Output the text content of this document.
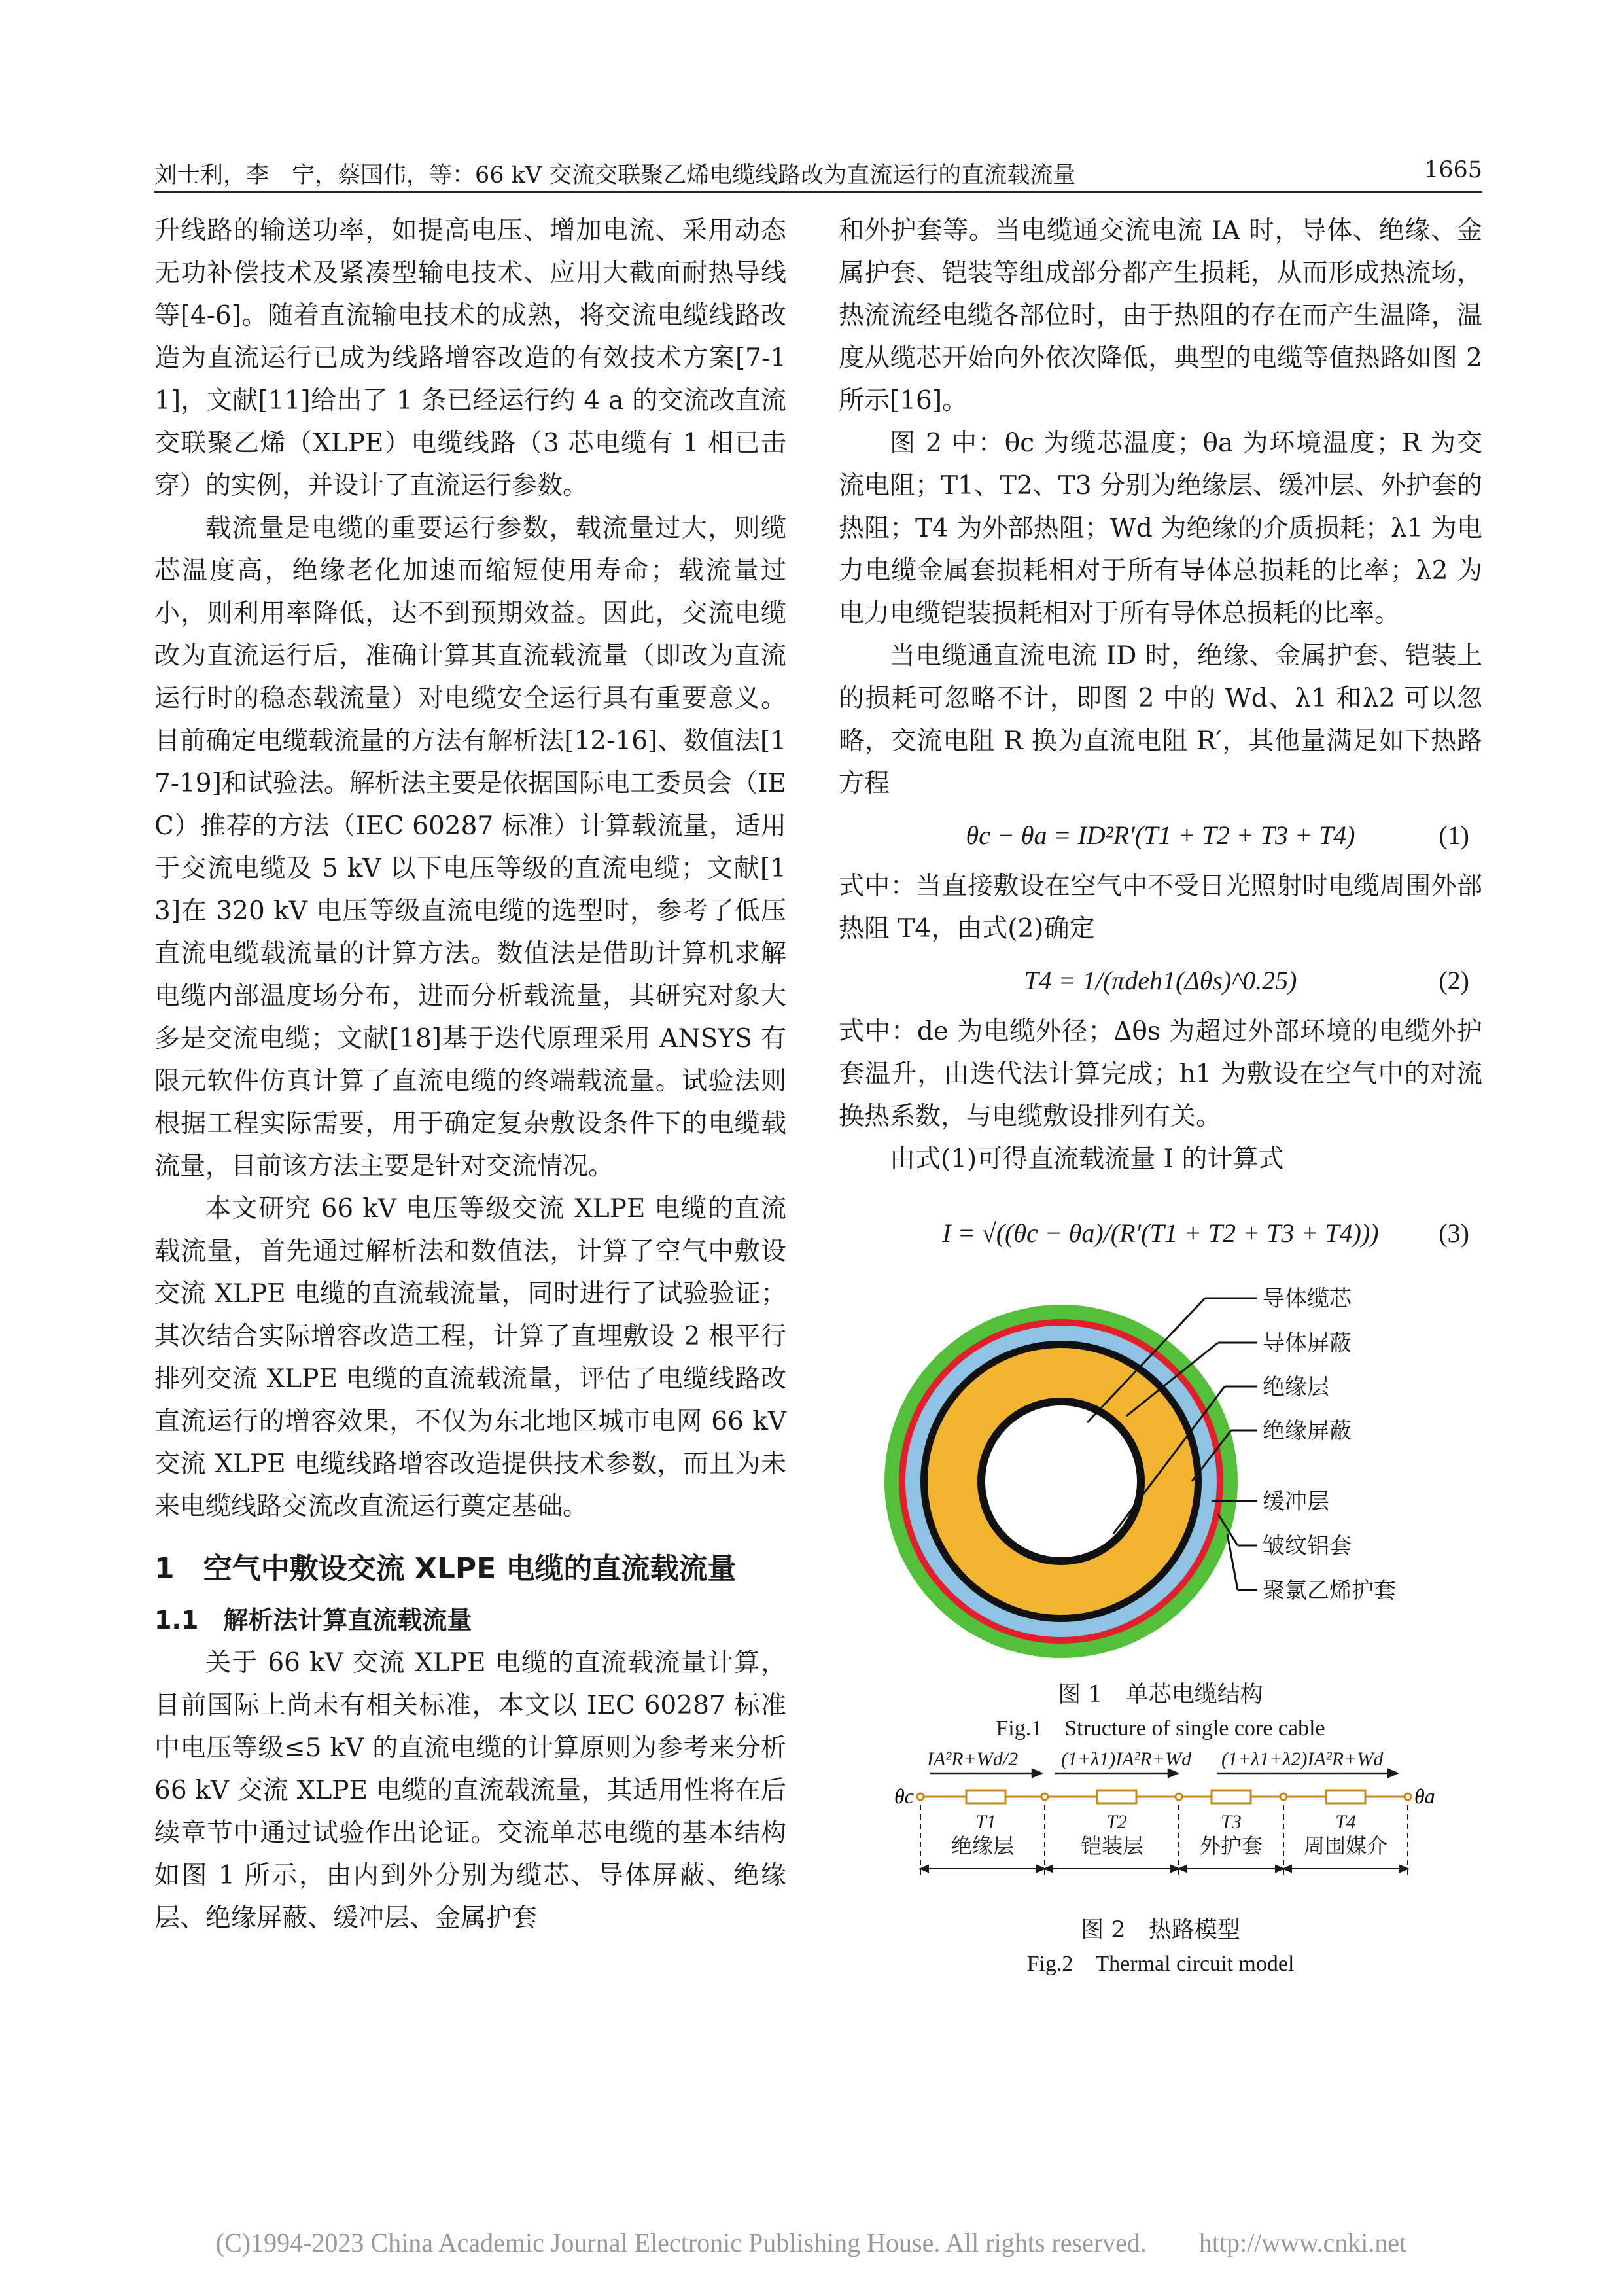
刘士利，李　宁，蔡国伟，等：66 kV 交流交联聚乙烯电缆线路改为直流运行的直流载流量	1665

升线路的输送功率，如提高电压、增加电流、采用动态无功补偿技术及紧凑型输电技术、应用大截面耐热导线等[4-6]。随着直流输电技术的成熟，将交流电缆线路改造为直流运行已成为线路增容改造的有效技术方案[7-11]，文献[11]给出了 1 条已经运行约 4 a 的交流改直流交联聚乙烯（XLPE）电缆线路（3 芯电缆有 1 相已击穿）的实例，并设计了直流运行参数。

载流量是电缆的重要运行参数，载流量过大，则缆芯温度高，绝缘老化加速而缩短使用寿命；载流量过小，则利用率降低，达不到预期效益。因此，交流电缆改为直流运行后，准确计算其直流载流量（即改为直流运行时的稳态载流量）对电缆安全运行具有重要意义。目前确定电缆载流量的方法有解析法[12-16]、数值法[17-19]和试验法。解析法主要是依据国际电工委员会（IEC）推荐的方法（IEC 60287 标准）计算载流量，适用于交流电缆及 5 kV 以下电压等级的直流电缆；文献[13]在 320 kV 电压等级直流电缆的选型时，参考了低压直流电缆载流量的计算方法。数值法是借助计算机求解电缆内部温度场分布，进而分析载流量，其研究对象大多是交流电缆；文献[18]基于迭代原理采用 ANSYS 有限元软件仿真计算了直流电缆的终端载流量。试验法则根据工程实际需要，用于确定复杂敷设条件下的电缆载流量，目前该方法主要是针对交流情况。

本文研究 66 kV 电压等级交流 XLPE 电缆的直流载流量，首先通过解析法和数值法，计算了空气中敷设交流 XLPE 电缆的直流载流量，同时进行了试验验证；其次结合实际增容改造工程，计算了直埋敷设 2 根平行排列交流 XLPE 电缆的直流载流量，评估了电缆线路改直流运行的增容效果，不仅为东北地区城市电网 66 kV 交流 XLPE 电缆线路增容改造提供技术参数，而且为未来电缆线路交流改直流运行奠定基础。

1　空气中敷设交流 XLPE 电缆的直流载流量
1.1　解析法计算直流载流量

关于 66 kV 交流 XLPE 电缆的直流载流量计算，目前国际上尚未有相关标准，本文以 IEC 60287 标准中电压等级≤5 kV 的直流电缆的计算原则为参考来分析 66 kV 交流 XLPE 电缆的直流载流量，其适用性将在后续章节中通过试验作出论证。交流单芯电缆的基本结构如图 1 所示，由内到外分别为缆芯、导体屏蔽、绝缘层、绝缘屏蔽、缓冲层、金属护套

和外护套等。当电缆通交流电流 IA 时，导体、绝缘、金属护套、铠装等组成部分都产生损耗，从而形成热流场，热流流经电缆各部位时，由于热阻的存在而产生温降，温度从缆芯开始向外依次降低，典型的电缆等值热路如图 2 所示[16]。

图 2 中：θc 为缆芯温度；θa 为环境温度；R 为交流电阻；T1、T2、T3 分别为绝缘层、缓冲层、外护套的热阻；T4 为外部热阻；Wd 为绝缘的介质损耗；λ1 为电力电缆金属套损耗相对于所有导体总损耗的比率；λ2 为电力电缆铠装损耗相对于所有导体总损耗的比率。

当电缆通直流电流 ID 时，绝缘、金属护套、铠装上的损耗可忽略不计，即图 2 中的 Wd、λ1 和λ2 可以忽略，交流电阻 R 换为直流电阻 R′，其他量满足如下热路方程

θc − θa = ID²R′(T1 + T2 + T3 + T4)	(1)

式中：当直接敷设在空气中不受日光照射时电缆周围外部热阻 T4，由式(2)确定

T4 = 1/(πdeh1(Δθs)^0.25)	(2)

式中：de 为电缆外径；Δθs 为超过外部环境的电缆外护套温升，由迭代法计算完成；h1 为敷设在空气中的对流换热系数，与电缆敷设排列有关。

由式(1)可得直流载流量 I 的计算式

I = √((θc − θa)/(R′(T1 + T2 + T3 + T4))) (3)
导体缆芯
导体屏蔽
绝缘层
绝缘屏蔽
缓冲层
皱纹铝套
聚氯乙烯护套
图 1　单芯电缆结构
Fig.1　Structure of single core cable
IA²R+Wd/2 (1+λ1)IA²R+Wd (1+λ1+λ2)IA²R+Wd
θc	θa
T1	T2	T3	T4
绝缘层	铠装层	外护套 周围媒介
图 2　热路模型
Fig.2　Thermal circuit model
(C)1994-2023 China Academic Journal Electronic Publishing House. All rights reserved.　　http://www.cnki.net
